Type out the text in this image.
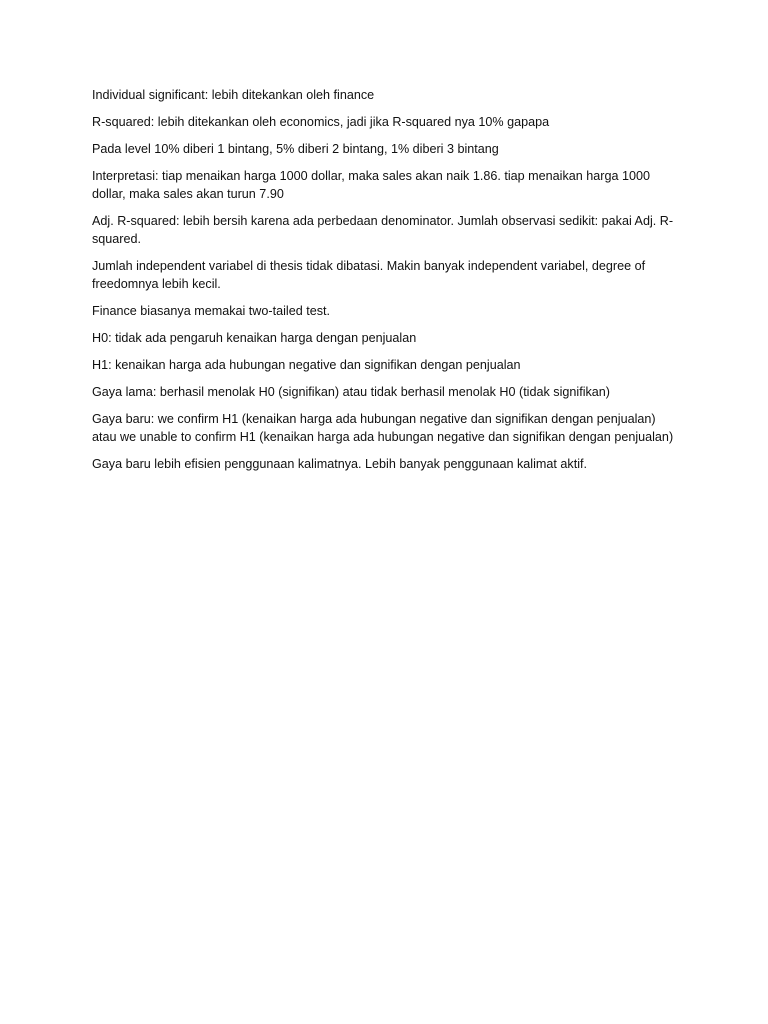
Individual significant: lebih ditekankan oleh finance

R-squared: lebih ditekankan oleh economics, jadi jika R-squared nya 10% gapapa

Pada level 10% diberi 1 bintang, 5% diberi 2 bintang, 1% diberi 3 bintang

Interpretasi: tiap menaikan harga 1000 dollar, maka sales akan naik 1.86. tiap menaikan harga 1000 dollar, maka sales akan turun 7.90

Adj. R-squared: lebih bersih karena ada perbedaan denominator. Jumlah observasi sedikit: pakai Adj. R-squared.

Jumlah independent variabel di thesis tidak dibatasi. Makin banyak independent variabel, degree of freedomnya lebih kecil.

Finance biasanya memakai two-tailed test.

H0: tidak ada pengaruh kenaikan harga dengan penjualan

H1: kenaikan harga ada hubungan negative dan signifikan dengan penjualan

Gaya lama: berhasil menolak H0 (signifikan) atau tidak berhasil menolak H0 (tidak signifikan)

Gaya baru: we confirm H1 (kenaikan harga ada hubungan negative dan signifikan dengan penjualan) atau we unable to confirm H1 (kenaikan harga ada hubungan negative dan signifikan dengan penjualan)

Gaya baru lebih efisien penggunaan kalimatnya. Lebih banyak penggunaan kalimat aktif.
